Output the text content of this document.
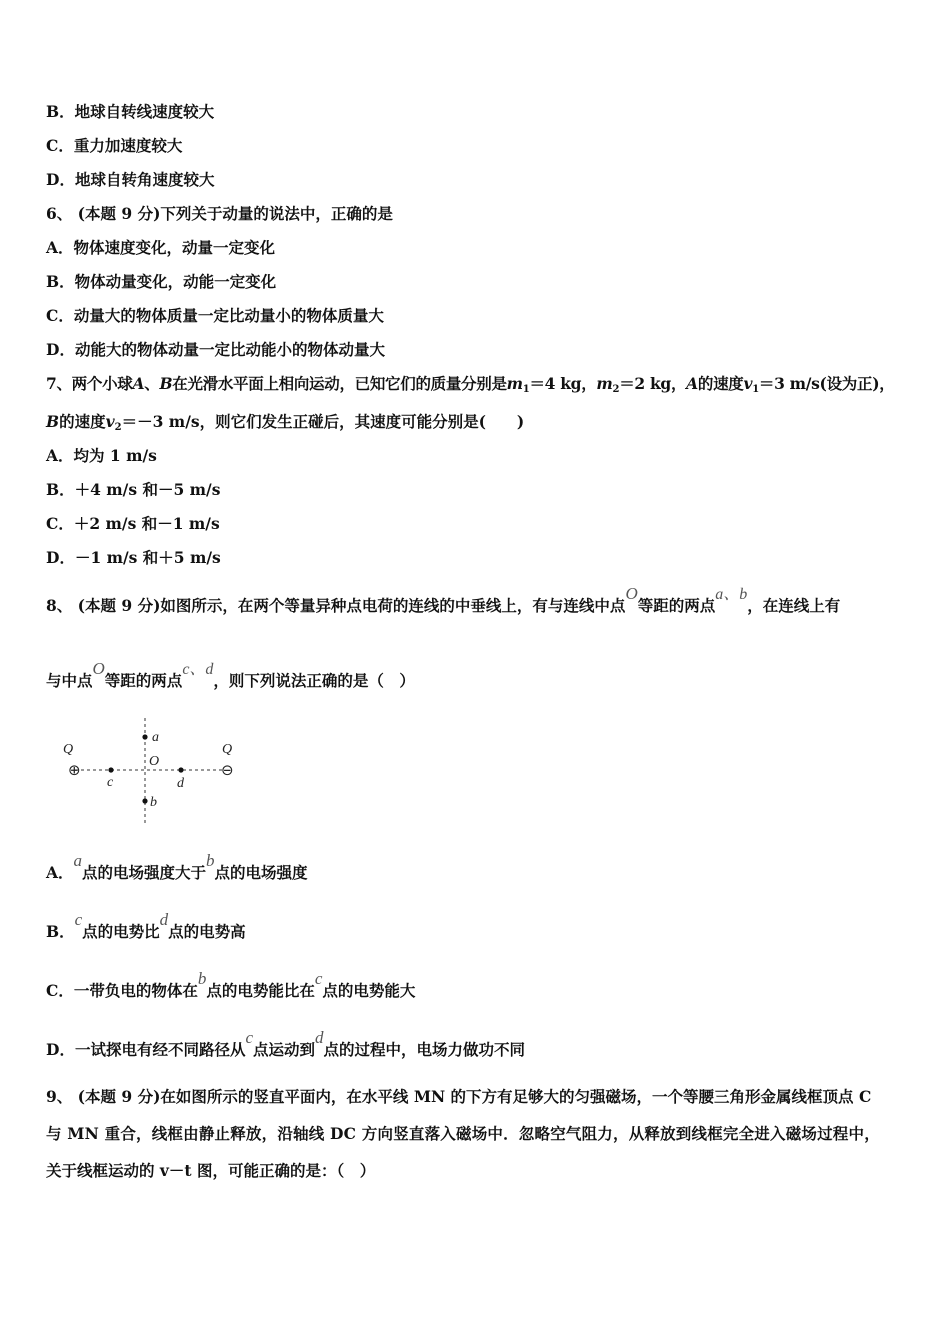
B．地球自转线速度较大
C．重力加速度较大
D．地球自转角速度较大
6、 (本题 9 分)下列关于动量的说法中，正确的是
A．物体速度变化，动量一定变化
B．物体动量变化，动能一定变化
C．动量大的物体质量一定比动量小的物体质量大
D．动能大的物体动量一定比动能小的物体动量大
7、两个小球A、B在光滑水平面上相向运动，已知它们的质量分别是$m_1=4$ kg，$m_2=2$ kg，A的速度$v_1=3$ m/s(设为正)，
B的速度$v_2=-3$ m/s，则它们发生正碰后，其速度可能分别是(　　)
A．均为 1 m/s
B．＋4 m/s 和－5 m/s
C．＋2 m/s 和－1 m/s
D．－1 m/s 和＋5 m/s
8、 (本题 9 分)如图所示，在两个等量异种点电荷的连线的中垂线上，有与连线中点O等距的两点a、b，在连线上有
与中点O等距的两点c、d，则下列说法正确的是（　）
⊕	⊖
Q	Q
a
b
c	d
O
A．a点的电场强度大于b点的电场强度
B．c点的电势比d点的电势高
C．一带负电的物体在b点的电势能比在c点的电势能大
D．一试探电有经不同路径从c点运动到d点的过程中，电场力做功不同
9、 (本题 9 分)在如图所示的竖直平面内，在水平线 MN 的下方有足够大的匀强磁场，一个等腰三角形金属线框顶点 C
与 MN 重合，线框由静止释放，沿轴线 DC 方向竖直落入磁场中．忽略空气阻力，从释放到线框完全进入磁场过程中，
关于线框运动的 v－t 图，可能正确的是：（　）
